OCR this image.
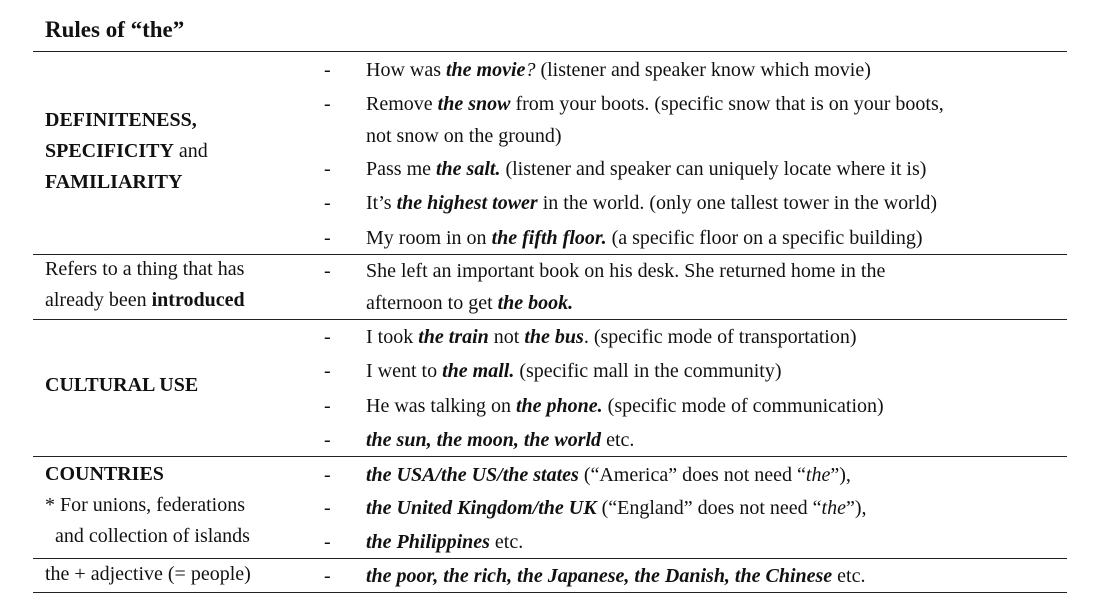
Rules of “the”
DEFINITENESS,
SPECIFICITY and
FAMILIARITY
- How was the movie? (listener and speaker know which movie)
- Remove the snow from your boots. (specific snow that is on your boots,
not snow on the ground)
- Pass me the salt. (listener and speaker can uniquely locate where it is)
- It’s the highest tower in the world. (only one tallest tower in the world)
- My room in on the fifth floor. (a specific floor on a specific building)
Refers to a thing that has
already been introduced
- She left an important book on his desk. She returned home in the
afternoon to get the book.
CULTURAL USE
- I took the train not the bus. (specific mode of transportation)
- I went to the mall. (specific mall in the community)
- He was talking on the phone. (specific mode of communication)
- the sun, the moon, the world etc.
COUNTRIES
* For unions, federations
and collection of islands
- the USA/the US/the states (“America” does not need “the”),
- the United Kingdom/the UK (“England” does not need “the”),
- the Philippines etc.
the + adjective (= people)	- the poor, the rich, the Japanese, the Danish, the Chinese etc.
